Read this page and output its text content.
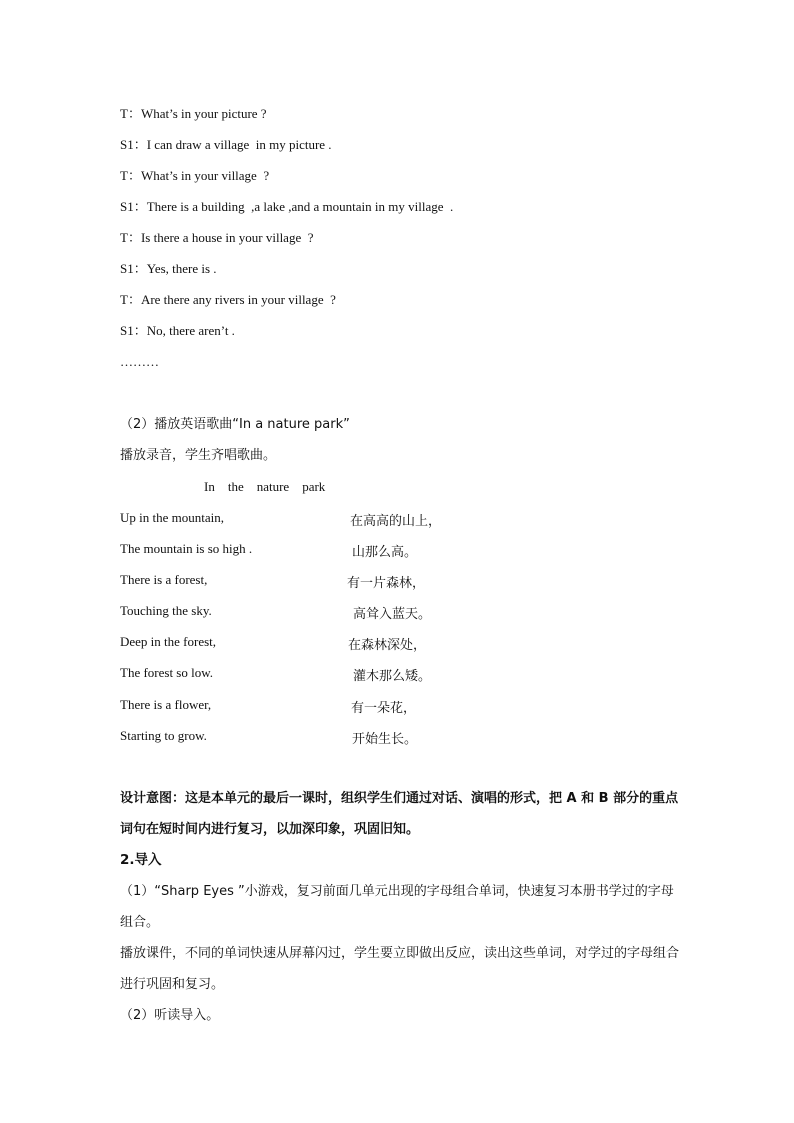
T：What’s in your picture ?
S1：I can draw a village  in my picture .
T：What’s in your village  ?
S1：There is a building  ,a lake ,and a mountain in my village  .
T：Is there a house in your village  ?
S1：Yes, there is .
T：Are there any rivers in your village  ?
S1：No, there aren’t .
………
（2）播放英语歌曲“In a nature park”
播放录音，学生齐唱歌曲。
In    the    nature    park
Up in the mountain,	在高高的山上，
The mountain is so high .	山那么高。
There is a forest,	有一片森林，
Touching the sky.	高耸入蓝天。
Deep in the forest,	在森林深处，
The forest so low.	灌木那么矮。
There is a flower,	有一朵花，
Starting to grow.	开始生长。
设计意图：这是本单元的最后一课时，组织学生们通过对话、演唱的形式，把 A 和 B 部分的重点词句在短时间内进行复习，以加深印象，巩固旧知。
2.导入
（1）“Sharp Eyes ”小游戏，复习前面几单元出现的字母组合单词，快速复习本册书学过的字母组合。
播放课件，不同的单词快速从屏幕闪过，学生要立即做出反应，读出这些单词，对学过的字母组合进行巩固和复习。
（2）听读导入。
